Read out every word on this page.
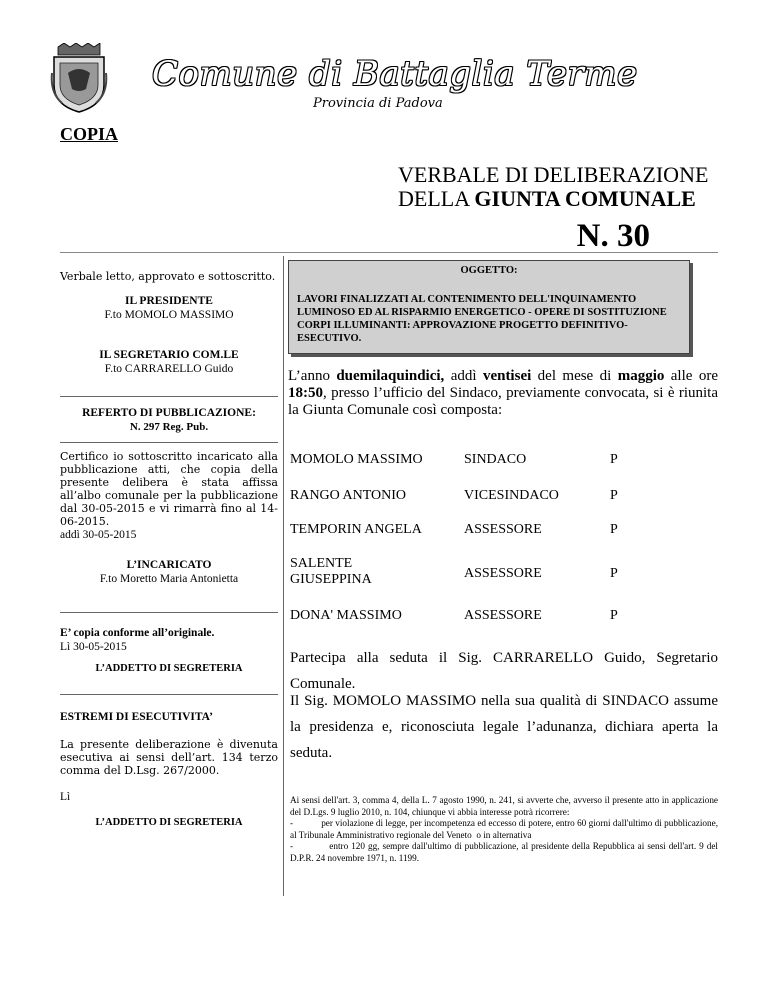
Comune di Battaglia Terme
Provincia di Padova
COPIA
VERBALE DI DELIBERAZIONE
DELLA GIUNTA COMUNALE
N. 30
Verbale letto, approvato e sottoscritto.
IL PRESIDENTE
F.to MOMOLO MASSIMO
IL SEGRETARIO COM.LE
F.to CARRARELLO Guido
REFERTO DI PUBBLICAZIONE:
N. 297 Reg. Pub.
Certifico io sottoscritto incaricato alla pubblicazione atti, che copia della presente delibera è stata affissa all’albo comunale per la pubblicazione dal 30-05-2015 e vi rimarrà fino al 14-06-2015.
addì 30-05-2015
L’INCARICATO
F.to Moretto Maria Antonietta
E’ copia conforme all’originale.
Lì 30-05-2015
L’ADDETTO DI SEGRETERIA
ESTREMI DI ESECUTIVITA’
La presente deliberazione è divenuta esecutiva ai sensi dell’art. 134 terzo comma del D.Lsg. 267/2000.
Lì
L’ADDETTO DI SEGRETERIA
OGGETTO:
LAVORI FINALIZZATI AL CONTENIMENTO DELL'INQUINAMENTO LUMINOSO ED AL RISPARMIO ENERGETICO - OPERE DI SOSTITUZIONE CORPI ILLUMINANTI: APPROVAZIONE PROGETTO DEFINITIVO-ESECUTIVO.
L’anno duemilaquindici, addì ventisei del mese di maggio alle ore 18:50, presso l’ufficio del Sindaco, previamente convocata, si è riunita la Giunta Comunale così composta:
MOMOLO MASSIMO	SINDACO	P
RANGO ANTONIO	VICESINDACO	P
TEMPORIN ANGELA	ASSESSORE	P
SALENTE GIUSEPPINA	ASSESSORE	P
DONA' MASSIMO	ASSESSORE	P
Partecipa alla seduta il Sig. CARRARELLO Guido, Segretario Comunale.
Il Sig. MOMOLO MASSIMO nella sua qualità di SINDACO assume la presidenza e, riconosciuta legale l’adunanza, dichiara aperta la seduta.

Ai sensi dell'art. 3, comma 4, della L. 7 agosto 1990, n. 241, si avverte che, avverso il presente atto in applicazione del D.Lgs. 9 luglio 2010, n. 104, chiunque vi abbia interesse potrà ricorrere:

-            per violazione di legge, per incompetenza ed eccesso di potere, entro 60 giorni dall'ultimo di pubblicazione, al Tribunale Amministrativo regionale del Veneto  o in alternativa

-            entro 120 gg, sempre dall'ultimo di pubblicazione, al presidente della Repubblica ai sensi dell'art. 9 del D.P.R. 24 novembre 1971, n. 1199.
